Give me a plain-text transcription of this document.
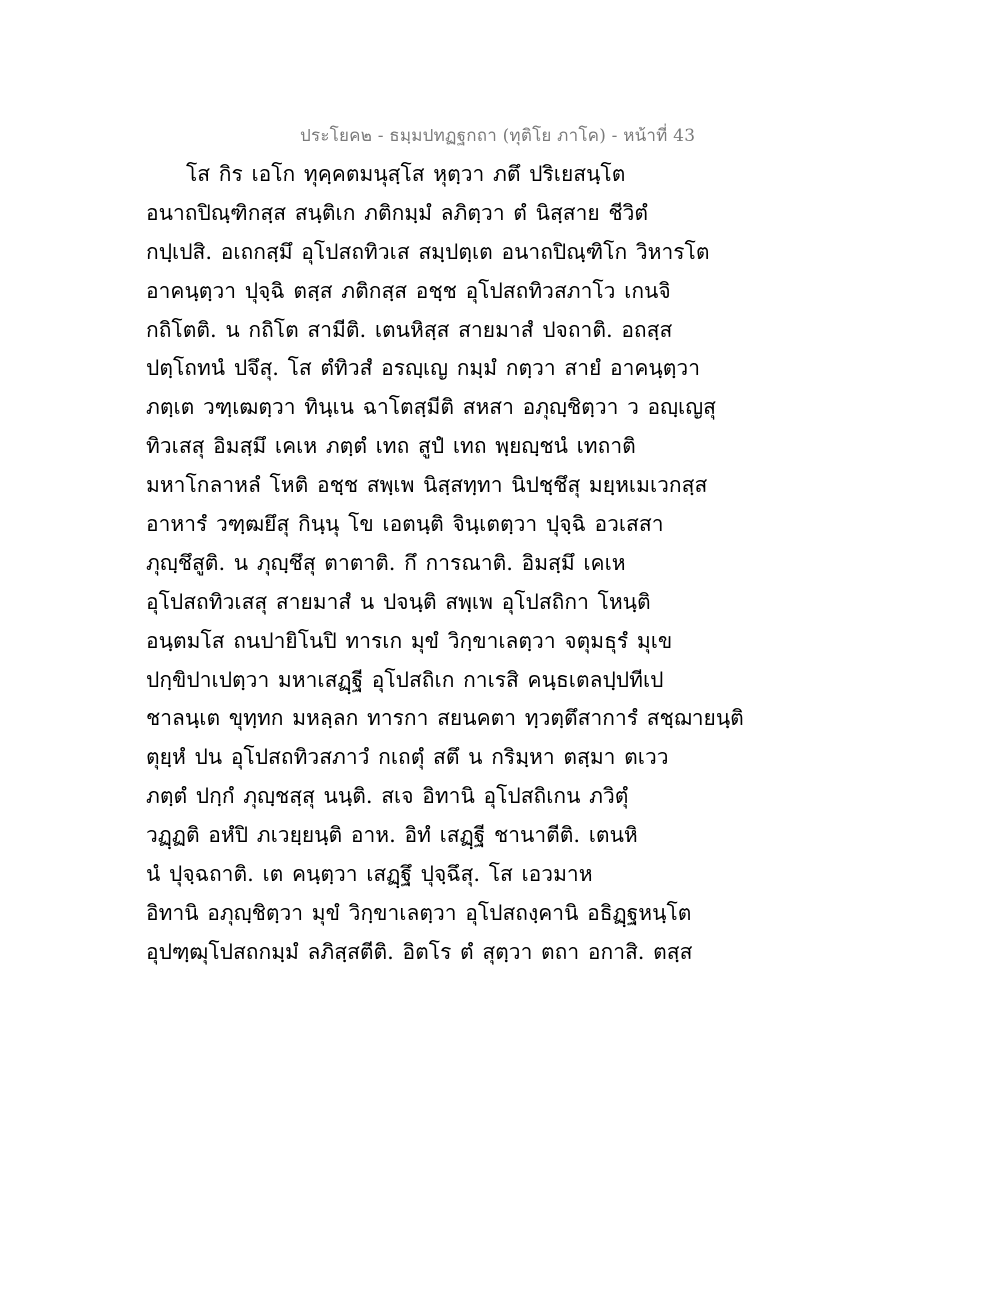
ประโยค๒ - ธมฺมปทฏฐกถา (ทุติโย ภาโค) - หน้าที่ 43
โส กิร เอโก ทุคฺคตมนุสฺโส หุตฺวา ภตึ ปริเยสนฺโต
อนาถปิณฺฑิกสฺส สนฺติเก ภติกมฺมํ ลภิตฺวา ตํ นิสฺสาย ชีวิตํ
กปฺเปสิ. อเถกสฺมึ อุโปสถทิวเส สมฺปตฺเต อนาถปิณฺฑิโก วิหารโต
อาคนฺตฺวา ปุจฺฉิ ตสฺส ภติกสฺส อชฺช อุโปสถทิวสภาโว เกนจิ
กถิโตติ. น กถิโต สามีติ. เตนหิสฺส สายมาสํ ปจถาติ. อถสฺส
ปตฺโถทนํ ปจึสุ. โส ตํทิวสํ อรญฺเญ กมฺมํ กตฺวา สายํ อาคนฺตฺวา
ภตฺเต วฑฺเฒตฺวา ทินฺเน ฉาโตสฺมีติ สหสา อภุญฺชิตฺวา ว อญฺเญสุ
ทิวเสสุ อิมสฺมึ เคเห ภตฺตํ เทถ สูปํ เทถ พฺยญฺชนํ เทถาติ
มหาโกลาหลํ โหติ อชฺช สพฺเพ นิสฺสทฺทา นิปชฺชึสุ มยฺหเมเวกสฺส
อาหารํ วฑฺฒยึสุ กินฺนุ โข เอตนฺติ จินฺเตตฺวา ปุจฺฉิ อวเสสา
ภุญฺชึสูติ. น ภุญฺชึสุ ตาตาติ. กึ การณาติ. อิมสฺมึ เคเห
อุโปสถทิวเสสุ สายมาสํ น ปจนฺติ สพฺเพ อุโปสถิกา โหนฺติ
อนฺตมโส ถนปายิโนปิ ทารเก มุขํ วิกฺขาเลตฺวา จตุมธุรํ มุเข
ปกฺขิปาเปตฺวา มหาเสฏฺฐี อุโปสถิเก กาเรสิ คนฺธเตลปฺปทีเป
ชาลนฺเต ขุทฺทก มหลฺลก ทารกา สยนคตา ทฺวตฺตึสาการํ สชฺฌายนฺติ
ตุยฺหํ ปน อุโปสถทิวสภาวํ กเถตุํ สตึ น กริมฺหา ตสฺมา ตเวว
ภตฺตํ ปกฺกํ ภุญฺชสฺสุ นนฺติ. สเจ อิทานิ อุโปสถิเกน ภวิตุํ
วฏฺฏติ อหํปิ ภเวยฺยนฺติ อาห. อิทํ เสฏฺฐี ชานาตีติ. เตนหิ
นํ ปุจฺฉถาติ. เต คนฺตฺวา เสฏฺฐึ ปุจฺฉึสุ. โส เอวมาห
อิทานิ อภุญฺชิตฺวา มุขํ วิกฺขาเลตฺวา อุโปสถงฺคานิ อธิฏฺฐหนฺโต
อุปฑฺฒุโปสถกมฺมํ ลภิสฺสตีติ. อิตโร ตํ สุตฺวา ตถา อกาสิ. ตสฺส
